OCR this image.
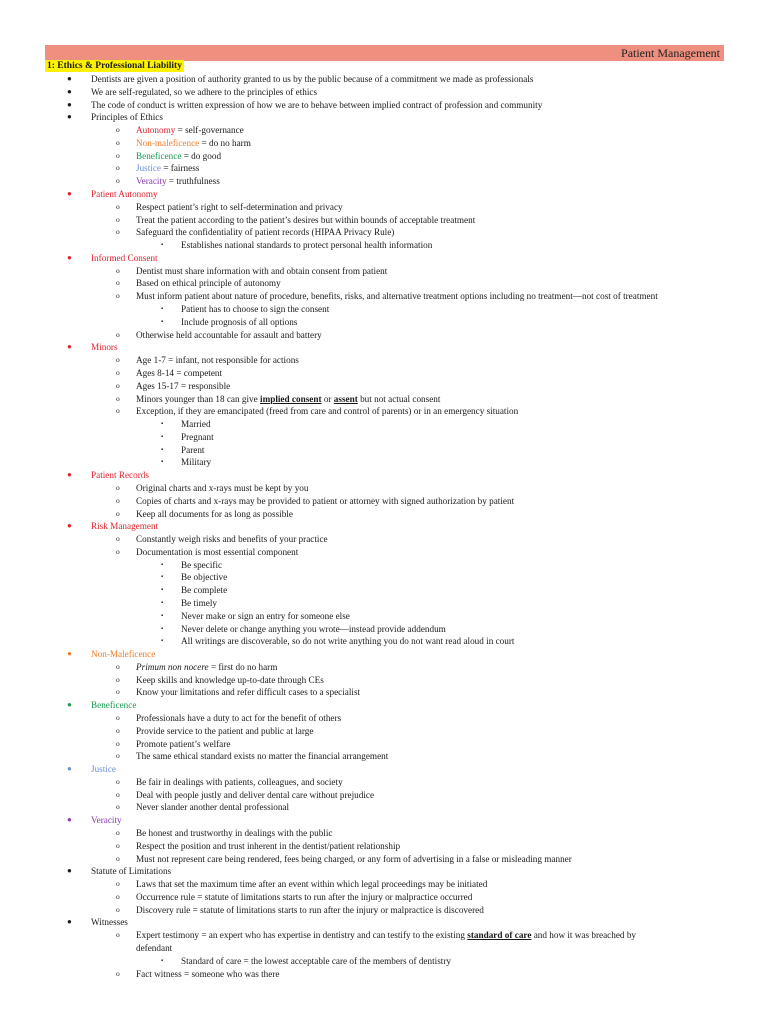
Patient Management
1: Ethics & Professional Liability
● Dentists are given a position of authority granted to us by the public because of a commitment we made as professionals
● We are self-regulated, so we adhere to the principles of ethics
● The code of conduct is written expression of how we are to behave between implied contract of profession and community
● Principles of Ethics
o Autonomy = self-governance
o Non-maleficence = do no harm
o Beneficence = do good
o Justice = fairness
o Veracity = truthfulness
● Patient Autonomy
o Respect patient’s right to self-determination and privacy
o Treat the patient according to the patient’s desires but within bounds of acceptable treatment
o Safeguard the confidentiality of patient records (HIPAA Privacy Rule)
▪ Establishes national standards to protect personal health information
● Informed Consent
o Dentist must share information with and obtain consent from patient
o Based on ethical principle of autonomy
o Must inform patient about nature of procedure, benefits, risks, and alternative treatment options including no treatment—not cost of treatment
▪ Patient has to choose to sign the consent
▪ Include prognosis of all options
o Otherwise held accountable for assault and battery
● Minors
o Age 1-7 = infant, not responsible for actions
o Ages 8-14 = competent
o Ages 15-17 = responsible
o Minors younger than 18 can give implied consent or assent but not actual consent
o Exception, if they are emancipated (freed from care and control of parents) or in an emergency situation
▪ Married
▪ Pregnant
▪ Parent
▪ Military
● Patient Records
o Original charts and x-rays must be kept by you
o Copies of charts and x-rays may be provided to patient or attorney with signed authorization by patient
o Keep all documents for as long as possible
● Risk Management
o Constantly weigh risks and benefits of your practice
o Documentation is most essential component
▪ Be specific
▪ Be objective
▪ Be complete
▪ Be timely
▪ Never make or sign an entry for someone else
▪ Never delete or change anything you wrote—instead provide addendum
▪ All writings are discoverable, so do not write anything you do not want read aloud in court
● Non-Maleficence
o Primum non nocere = first do no harm
o Keep skills and knowledge up-to-date through CEs
o Know your limitations and refer difficult cases to a specialist
● Beneficence
o Professionals have a duty to act for the benefit of others
o Provide service to the patient and public at large
o Promote patient’s welfare
o The same ethical standard exists no matter the financial arrangement
● Justice
o Be fair in dealings with patients, colleagues, and society
o Deal with people justly and deliver dental care without prejudice
o Never slander another dental professional
● Veracity
o Be honest and trustworthy in dealings with the public
o Respect the position and trust inherent in the dentist/patient relationship
o Must not represent care being rendered, fees being charged, or any form of advertising in a false or misleading manner
● Statute of Limitations
o Laws that set the maximum time after an event within which legal proceedings may be initiated
o Occurrence rule = statute of limitations starts to run after the injury or malpractice occurred
o Discovery rule = statute of limitations starts to run after the injury or malpractice is discovered
● Witnesses
o Expert testimony = an expert who has expertise in dentistry and can testify to the existing standard of care and how it was breached by
defendant
▪ Standard of care = the lowest acceptable care of the members of dentistry
o Fact witness = someone who was there
